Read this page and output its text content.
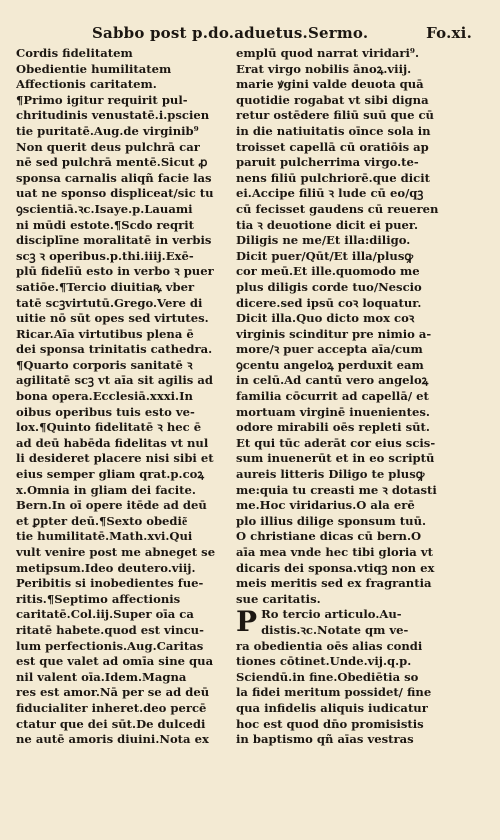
Sabbo post p.do.aduetus.Sermo.	Fo.xi.
Cordis fidelitatem
Obedientie humilitatem
Affectionis caritatem.
¶Primo igitur requirit pul-
chritudinis venustatē.i.pscien
tie puritatē.Aug.de virginib⁹
Non querit deus pulchrā car
nē sed pulchrā mentē.Sicut ꝓ
sponsa carnalis aliqñ facie las
uat ne sponso displiceat/sic tu
ꝯscientiā.ꝛc.Isaye.p.Lauami
ni mūdi estote.¶Scdo reqrit
disciplīne moralitatē in verbis
scꝫ ꝛ operibus.p.thi.iiij.Exē-
plū fidelīū esto in verbo ꝛ puer
satiōe.¶Tercio diuitiaꝶ vber
tatē scꝫvirtutū.Grego.Vere di
uitie nō sūt opes sed virtutes.
Ricar.Aīa virtutibus plena ē
dei sponsa trinitatis cathedra.
¶Quarto corporis sanitatē ꝛ
agilitatē scꝫ vt aīa sit agilis ad
bona opera.Ecclesiā.xxxi.In
oibus operibus tuis esto ve-
lox.¶Quinto fidelitatē ꝛ hec ē
ad deū habēda fidelitas vt nul
li desideret placere nisi sibi et
eius semper gliam qrat.p.coꝝ
x.Omnia in gliam dei facite.
Bern.In oī opere itēde ad deū
et ꝑpter deū.¶Sexto obedie͂
tie humilitatē.Math.xvi.Qui
vult venire post me abneget se
metipsum.Ideo deutero.viij.
Peribitis si inobedientes fue-
ritis.¶Septimo affectionis
caritatē.Col.iij.Super oīa ca
ritatē habete.quod est vincu-
lum perfectionis.Aug.Caritas
est que valet ad omīa sine qua
nil valent oīa.Idem.Magna
res est amor.Nā per se ad deū
fiducialiter inheret.deo percē
ctatur que dei sūt.De dulcedi
ne autē amoris diuini.Nota ex
emplū quod narrat viridari⁹.
Erat virgo nobilis ānoꝝ.viij.
marie ꝟgini valde deuota quā
quotidie rogabat vt sibi digna
retur ostēdere filiū suū que cū
in die natiuitatis oīnce sola in
troisset capellā cū oratiōis ap
paruit pulcherrima virgo.te-
nens filiū pulchriorē.que dicit
ei.Accipe filiū ꝛ lude cū eo/qꝫ
cū fecisset gaudens cū reueren
tia ꝛ deuotione dicit ei puer.
Diligis ne me/Et illa:diligo.
Dicit puer/Qūt/Et illa/plusꝙ
cor meū.Et ille.quomodo me
plus diligis corde tuo/Nescio
dicere.sed ipsū coꝛ loquatur.
Dicit illa.Quo dicto mox coꝛ
virginis scinditur pre nimio a-
more/ꝛ puer accepta aīa/cum
ꝯcentu angeloꝝ perduxit eam
in celū.Ad cantū vero angeloꝝ
familia cōcurrit ad capellā/ et
mortuam virginē inuenientes.
odore mirabili oēs repleti sūt.
Et qui tūc aderāt cor eius scis-
sum inuenerūt et in eo scriptū
aureis litteris Diligo te plusꝙ
me:quia tu creasti me ꝛ dotasti
me.Hoc viridarius.O ala erē
plo illius dilige sponsum tuū.
O christiane dicas cū bern.O
aīa mea vnde hec tibi gloria vt
dicaris dei sponsa.vtiqꝫ non ex
meis meritis sed ex fragrantia
sue caritatis.
P Ro tercio articulo.Au-
distis.ꝛc.Notate qm ve-
ra obedientia oēs alias condi
tiones cōtinet.Unde.vij.q.p.
Sciendū.in fine.Obediētia so
la fidei meritum possidet/ fine
qua infidelis aliquis iudicatur
hoc est quod dn̄o promisistis
in baptismo qñ aīas vestras
